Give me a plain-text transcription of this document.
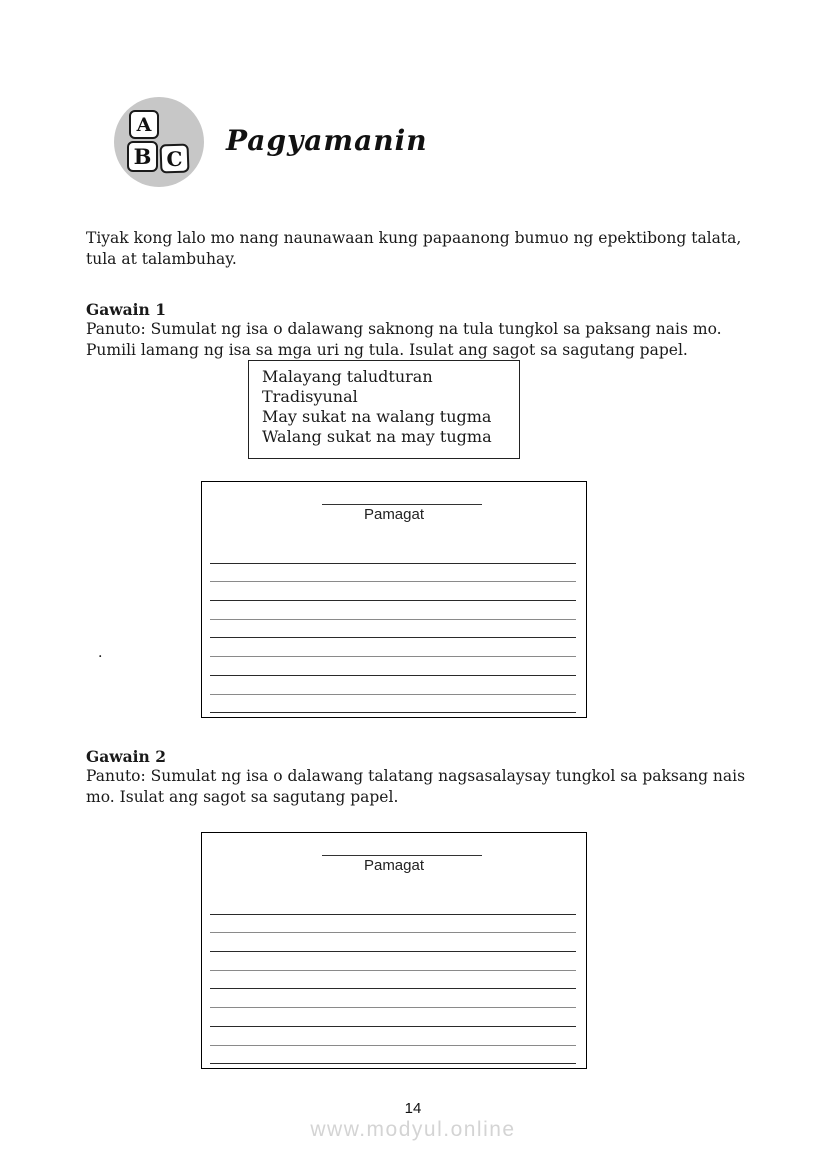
A
B C
Pagyamanin
Tiyak kong lalo mo nang naunawaan kung papaanong bumuo ng epektibong talata, tula at talambuhay.
Gawain 1
Panuto: Sumulat ng isa o dalawang saknong na tula tungkol sa paksang nais mo. Pumili lamang ng isa sa mga uri ng tula. Isulat ang sagot sa sagutang papel.
Malayang taludturan
Tradisyunal
May sukat na walang tugma
Walang sukat na may tugma
Pamagat
.
Gawain 2
Panuto: Sumulat ng isa o dalawang talatang nagsasalaysay tungkol sa paksang nais mo. Isulat ang sagot sa sagutang papel.
Pamagat
14
www.modyul.online
